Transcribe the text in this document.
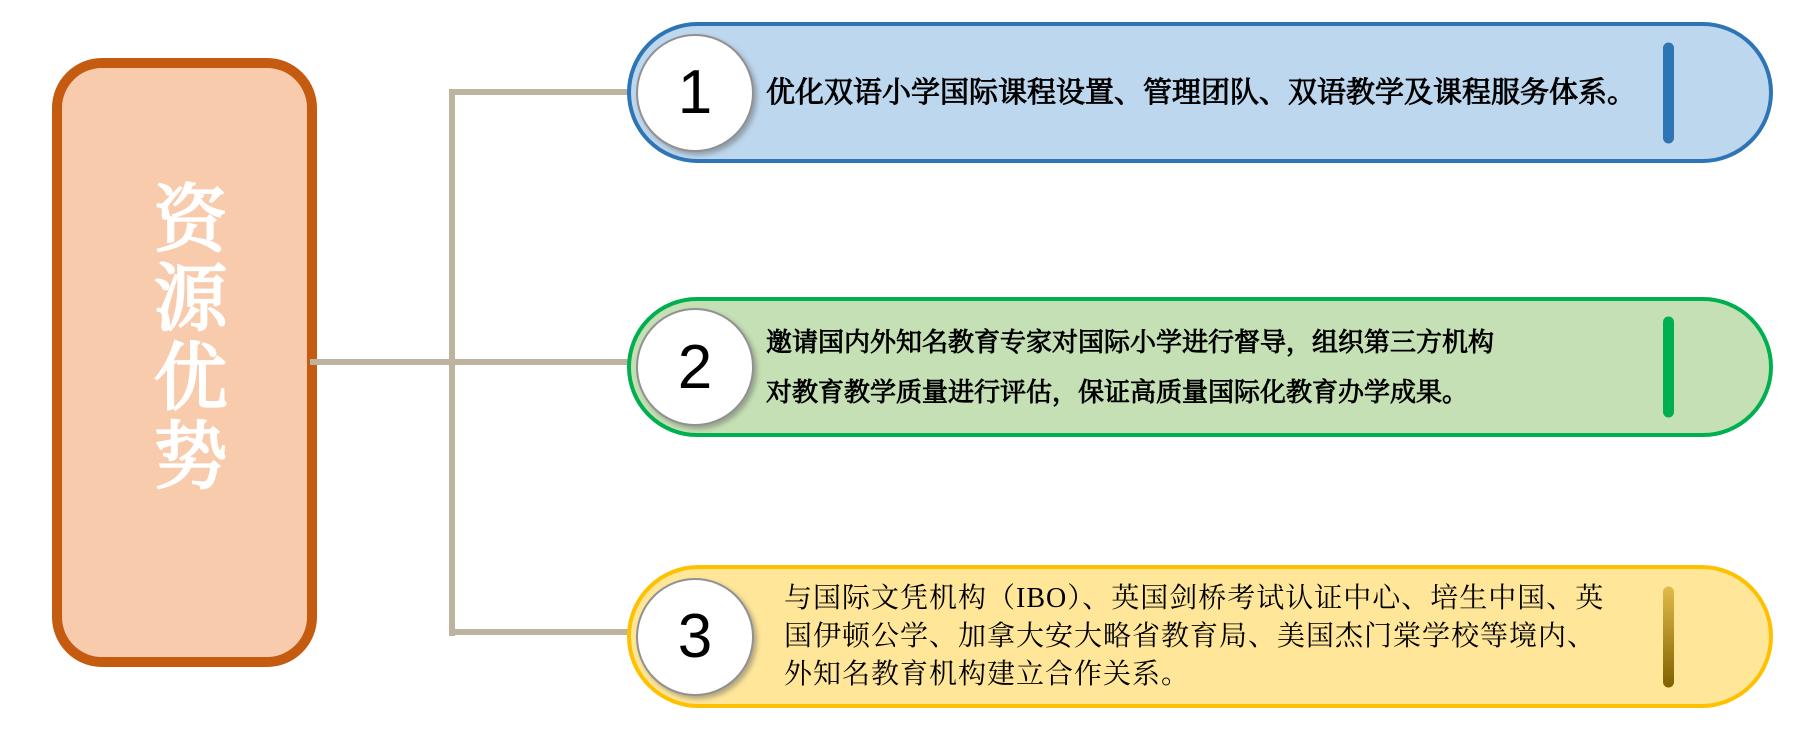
资源优势
1 优化双语小学国际课程设置、管理团队、双语教学及课程服务体系。
2 邀请国内外知名教育专家对国际小学进行督导，组织第三方机构
对教育教学质量进行评估，保证高质量国际化教育办学成果。
3
与国际文凭机构（IBO）、英国剑桥考试认证中心、培生中国、英
国伊顿公学、加拿大安大略省教育局、美国杰门棠学校等境内、
外知名教育机构建立合作关系。
